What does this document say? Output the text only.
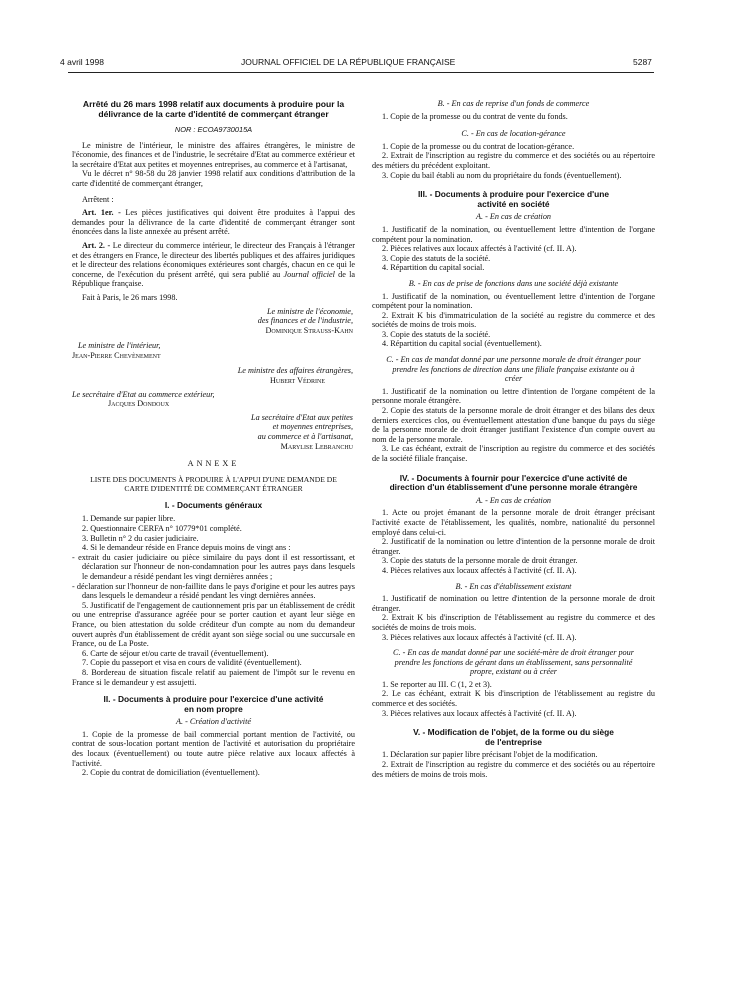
4 avril 1998	JOURNAL OFFICIEL DE LA RÉPUBLIQUE FRANÇAISE	5287

Arrêté du 26 mars 1998 relatif aux documents à produire pour la délivrance de la carte d'identité de commerçant étranger

NOR : ECOA9730015A

Le ministre de l'intérieur, le ministre des affaires étrangères, le ministre de l'économie, des finances et de l'industrie, le secrétaire d'Etat au commerce extérieur et la secrétaire d'Etat aux petites et moyennes entreprises, au commerce et à l'artisanat,

Vu le décret n° 98-58 du 28 janvier 1998 relatif aux conditions d'attribution de la carte d'identité de commerçant étranger,

Arrêtent :

Art. 1er. - Les pièces justificatives qui doivent être produites à l'appui des demandes pour la délivrance de la carte d'identité de commerçant étranger sont énoncées dans la liste annexée au présent arrêté.

Art. 2. - Le directeur du commerce intérieur, le directeur des Français à l'étranger et des étrangers en France, le directeur des libertés publiques et des affaires juridiques et le directeur des relations économiques extérieures sont chargés, chacun en ce qui le concerne, de l'exécution du présent arrêté, qui sera publié au Journal officiel de la République française.

Fait à Paris, le 26 mars 1998.

Le ministre de l'économie,

des finances et de l'industrie,

Dominique Strauss-Kahn

Le ministre de l'intérieur,

Jean-Pierre Chevènement

Le ministre des affaires étrangères,

Hubert Védrine

Le secrétaire d'Etat au commerce extérieur,

Jacques Dondoux

La secrétaire d'Etat aux petites

et moyennes entreprises,

au commerce et à l'artisanat,

Marylise Lebranchu

ANNEXE

LISTE DES DOCUMENTS À PRODUIRE À L'APPUI D'UNE DEMANDE DE CARTE D'IDENTITÉ DE COMMERÇANT ÉTRANGER

I. - Documents généraux

1. Demande sur papier libre.

2. Questionnaire CERFA n° 10779*01 complété.

3. Bulletin n° 2 du casier judiciaire.

4. Si le demandeur réside en France depuis moins de vingt ans :

- extrait du casier judiciaire ou pièce similaire du pays dont il est ressortissant, et déclaration sur l'honneur de non-condamnation pour les autres pays dans lesquels le demandeur a résidé pendant les vingt dernières années ;

- déclaration sur l'honneur de non-faillite dans le pays d'origine et pour les autres pays dans lesquels le demandeur a résidé pendant les vingt dernières années.

5. Justificatif de l'engagement de cautionnement pris par un établissement de crédit ou une entreprise d'assurance agréée pour se porter caution et ayant leur siège en France, ou bien attestation du solde créditeur d'un compte au nom du demandeur ouvert auprès d'un établissement de crédit ayant son siège social ou une succursale en France, ou de La Poste.

6. Carte de séjour et/ou carte de travail (éventuellement).

7. Copie du passeport et visa en cours de validité (éventuellement).

8. Bordereau de situation fiscale relatif au paiement de l'impôt sur le revenu en France si le demandeur y est assujetti.

II. - Documents à produire pour l'exercice d'une activité en nom propre

A. - Création d'activité

1. Copie de la promesse de bail commercial portant mention de l'activité, ou contrat de sous-location portant mention de l'activité et autorisation du propriétaire des locaux (éventuellement) ou toute autre pièce relative aux locaux affectés à l'activité.

2. Copie du contrat de domiciliation (éventuellement).

B. - En cas de reprise d'un fonds de commerce

1. Copie de la promesse ou du contrat de vente du fonds.

C. - En cas de location-gérance

1. Copie de la promesse ou du contrat de location-gérance.

2. Extrait de l'inscription au registre du commerce et des sociétés ou au répertoire des métiers du précédent exploitant.

3. Copie du bail établi au nom du propriétaire du fonds (éventuellement).

III. - Documents à produire pour l'exercice d'une activité en société

A. - En cas de création

1. Justificatif de la nomination, ou éventuellement lettre d'intention de l'organe compétent pour la nomination.

2. Pièces relatives aux locaux affectés à l'activité (cf. II. A).

3. Copie des statuts de la société.

4. Répartition du capital social.

B. - En cas de prise de fonctions dans une société déjà existante

1. Justificatif de la nomination, ou éventuellement lettre d'intention de l'organe compétent pour la nomination.

2. Extrait K bis d'immatriculation de la société au registre du commerce et des sociétés de moins de trois mois.

3. Copie des statuts de la société.

4. Répartition du capital social (éventuellement).

C. - En cas de mandat donné par une personne morale de droit étranger pour prendre les fonctions de direction dans une filiale française existante ou à créer

1. Justificatif de la nomination ou lettre d'intention de l'organe compétent de la personne morale étrangère.

2. Copie des statuts de la personne morale de droit étranger et des bilans des deux derniers exercices clos, ou éventuellement attestation d'une banque du pays du siège de la personne morale de droit étranger justifiant l'existence d'un compte ouvert au nom de la personne morale.

3. Le cas échéant, extrait de l'inscription au registre du commerce et des sociétés de la société filiale française.

IV. - Documents à fournir pour l'exercice d'une activité de direction d'un établissement d'une personne morale étrangère

A. - En cas de création

1. Acte ou projet émanant de la personne morale de droit étranger précisant l'activité exacte de l'établissement, les qualités, nombre, nationalité du personnel employé dans celui-ci.

2. Justificatif de la nomination ou lettre d'intention de la personne morale de droit étranger.

3. Copie des statuts de la personne morale de droit étranger.

4. Pièces relatives aux locaux affectés à l'activité (cf. II. A).

B. - En cas d'établissement existant

1. Justificatif de nomination ou lettre d'intention de la personne morale de droit étranger.

2. Extrait K bis d'inscription de l'établissement au registre du commerce et des sociétés de moins de trois mois.

3. Pièces relatives aux locaux affectés à l'activité (cf. II. A).

C. - En cas de mandat donné par une société-mère de droit étranger pour prendre les fonctions de gérant dans un établissement, sans personnalité propre, existant ou à créer

1. Se reporter au III. C (1, 2 et 3).

2. Le cas échéant, extrait K bis d'inscription de l'établissement au registre du commerce et des sociétés.

3. Pièces relatives aux locaux affectés à l'activité (cf. II. A).

V. - Modification de l'objet, de la forme ou du siège de l'entreprise

1. Déclaration sur papier libre précisant l'objet de la modification.

2. Extrait de l'inscription au registre du commerce et des sociétés ou au répertoire des métiers de moins de trois mois.
